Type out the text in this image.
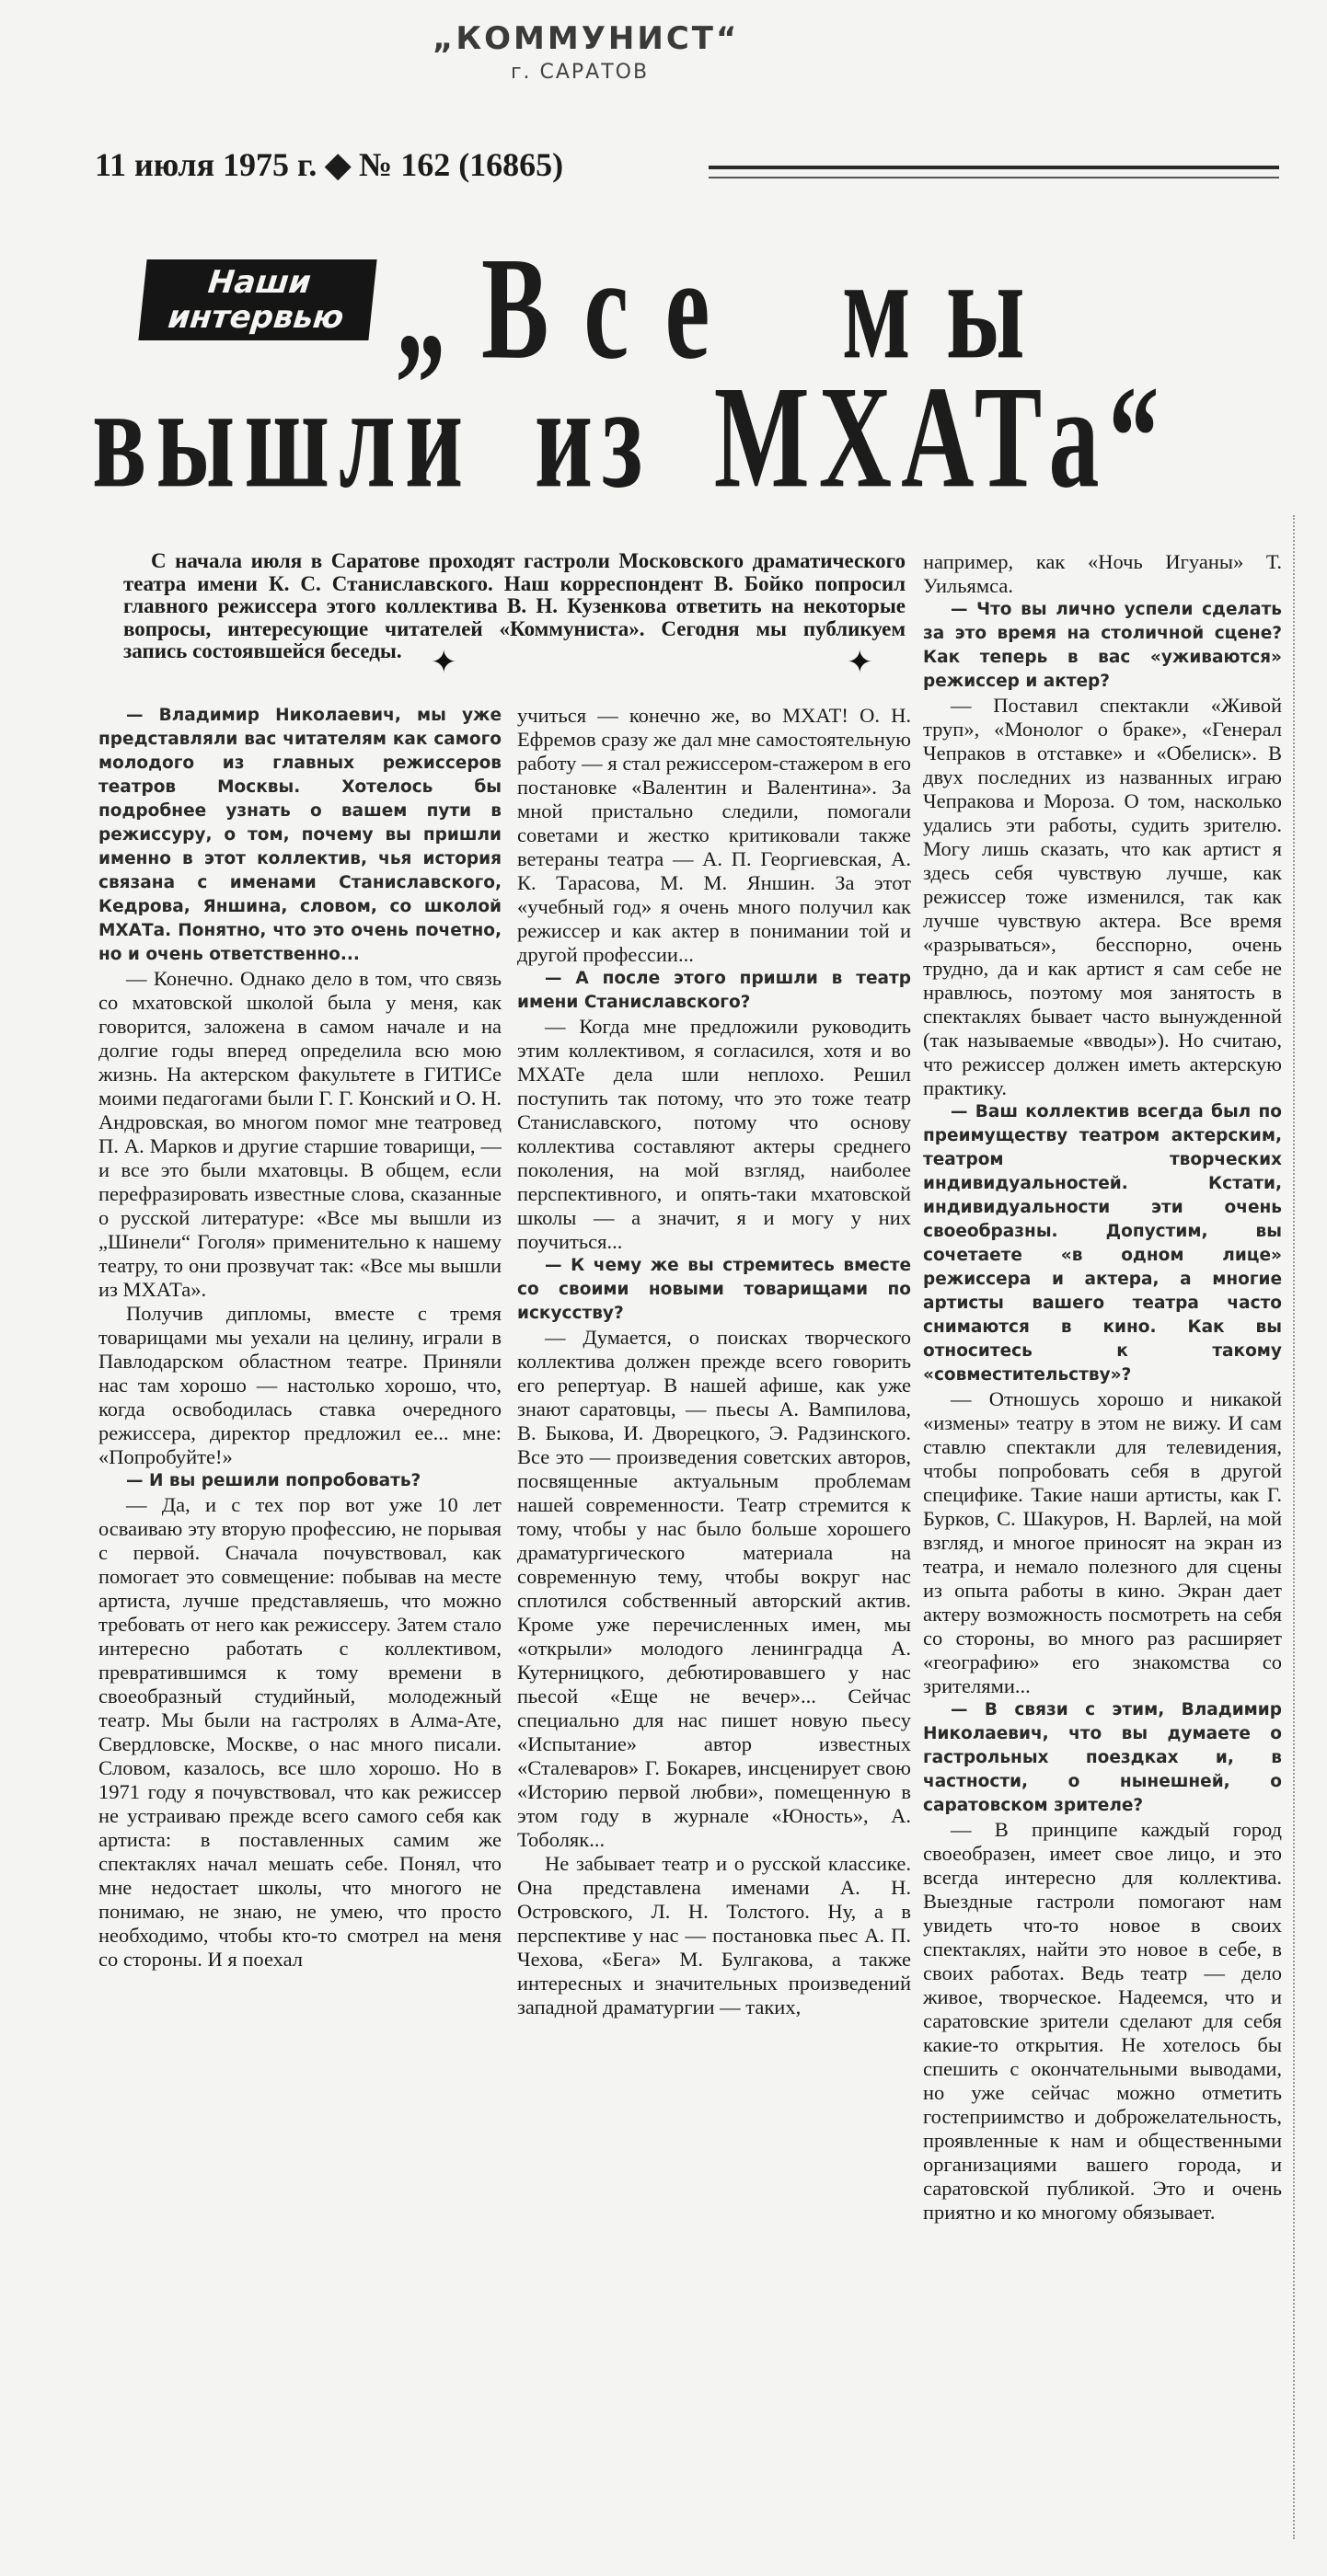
„КОММУНИСТ“
г. САРАТОВ
11 июля 1975 г. ◆ № 162 (16865)
Наши
интервью „Все мы
вышли из МХАТа“
С начала июля в Саратове проходят гастроли Московского драматического театра имени К. С. Станиславского. Наш корреспондент В. Бойко попросил главного режиссера этого коллектива В. Н. Кузенкова ответить на некоторые вопросы, интересующие читателей «Коммуниста». Сегодня мы публикуем запись состоявшейся беседы. ✦	✦

— Владимир Николаевич, мы уже представляли вас читателям как самого молодого из главных режиссеров театров Москвы. Хотелось бы подробнее узнать о вашем пути в режиссуру, о том, почему вы пришли именно в этот коллектив, чья история связана с именами Станиславского, Кедрова, Яншина, словом, со школой МХАТа. Понятно, что это очень почетно, но и очень ответственно...

— Конечно. Однако дело в том, что связь со мхатовской школой была у меня, как говорится, заложена в самом начале и на долгие годы вперед определила всю мою жизнь. На актерском факультете в ГИТИСе моими педагогами были Г. Г. Конский и О. Н. Андровская, во многом помог мне театровед П. А. Марков и другие старшие товарищи, — и все это были мхатовцы. В общем, если перефразировать известные слова, сказанные о русской литературе: «Все мы вышли из „Шинели“ Гоголя» применительно к нашему театру, то они прозвучат так: «Все мы вышли из МХАТа».

Получив дипломы, вместе с тремя товарищами мы уехали на целину, играли в Павлодарском областном театре. Приняли нас там хорошо — настолько хорошо, что, когда освободилась ставка очередного режиссера, директор предложил ее... мне: «Попробуйте!»

— И вы решили попробовать?

— Да, и с тех пор вот уже 10 лет осваиваю эту вторую профессию, не порывая с первой. Сначала почувствовал, как помогает это совмещение: побывав на месте артиста, лучше представляешь, что можно требовать от него как режиссеру. Затем стало интересно работать с коллективом, превратившимся к тому времени в своеобразный студийный, молодежный театр. Мы были на гастролях в Алма-Ате, Свердловске, Москве, о нас много писали. Словом, казалось, все шло хорошо. Но в 1971 году я почувствовал, что как режиссер не устраиваю прежде всего самого себя как артиста: в поставленных самим же спектаклях начал мешать себе. Понял, что мне недостает школы, что многого не понимаю, не знаю, не умею, что просто необходимо, чтобы кто-то смотрел на меня со стороны. И я поехал

учиться — конечно же, во МХАТ! О. Н. Ефремов сразу же дал мне самостоятельную работу — я стал режиссером-стажером в его постановке «Валентин и Валентина». За мной пристально следили, помогали советами и жестко критиковали также ветераны театра — А. П. Георгиевская, А. К. Тарасова, М. М. Яншин. За этот «учебный год» я очень много получил как режиссер и как актер в понимании той и другой профессии...

— А после этого пришли в театр имени Станиславского?

— Когда мне предложили руководить этим коллективом, я согласился, хотя и во МХАТе дела шли неплохо. Решил поступить так потому, что это тоже театр Станиславского, потому что основу коллектива составляют актеры среднего поколения, на мой взгляд, наиболее перспективного, и опять-таки мхатовской школы — а значит, я и могу у них поучиться...

— К чему же вы стремитесь вместе со своими новыми товарищами по искусству?

— Думается, о поисках творческого коллектива должен прежде всего говорить его репертуар. В нашей афише, как уже знают саратовцы, — пьесы А. Вампилова, В. Быкова, И. Дворецкого, Э. Радзинского. Все это — произведения советских авторов, посвященные актуальным проблемам нашей современности. Театр стремится к тому, чтобы у нас было больше хорошего драматургического материала на современную тему, чтобы вокруг нас сплотился собственный авторский актив. Кроме уже перечисленных имен, мы «открыли» молодого ленинградца А. Кутерницкого, дебютировавшего у нас пьесой «Еще не вечер»... Сейчас специально для нас пишет новую пьесу «Испытание» автор известных «Сталеваров» Г. Бокарев, инсценирует свою «Историю первой любви», помещенную в этом году в журнале «Юность», А. Тоболяк...

Не забывает театр и о русской классике. Она представлена именами А. Н. Островского, Л. Н. Толстого. Ну, а в перспективе у нас — постановка пьес А. П. Чехова, «Бега» М. Булгакова, а также интересных и значительных произведений западной драматургии — таких,

например, как «Ночь Игуаны» Т. Уильямса.

— Что вы лично успели сделать за это время на столичной сцене? Как теперь в вас «уживаются» режиссер и актер?

— Поставил спектакли «Живой труп», «Монолог о браке», «Генерал Чепраков в отставке» и «Обелиск». В двух последних из названных играю Чепракова и Мороза. О том, насколько удались эти работы, судить зрителю. Могу лишь сказать, что как артист я здесь себя чувствую лучше, как режиссер тоже изменился, так как лучше чувствую актера. Все время «разрываться», бесспорно, очень трудно, да и как артист я сам себе не нравлюсь, поэтому моя занятость в спектаклях бывает часто вынужденной (так называемые «вводы»). Но считаю, что режиссер должен иметь актерскую практику.

— Ваш коллектив всегда был по преимуществу театром актерским, театром творческих индивидуальностей. Кстати, индивидуальности эти очень своеобразны. Допустим, вы сочетаете «в одном лице» режиссера и актера, а многие артисты вашего театра часто снимаются в кино. Как вы относитесь к такому «совместительству»?

— Отношусь хорошо и никакой «измены» театру в этом не вижу. И сам ставлю спектакли для телевидения, чтобы попробовать себя в другой специфике. Такие наши артисты, как Г. Бурков, С. Шакуров, Н. Варлей, на мой взгляд, и многое приносят на экран из театра, и немало полезного для сцены из опыта работы в кино. Экран дает актеру возможность посмотреть на себя со стороны, во много раз расширяет «географию» его знакомства со зрителями...

— В связи с этим, Владимир Николаевич, что вы думаете о гастрольных поездках и, в частности, о нынешней, о саратовском зрителе?

— В принципе каждый город своеобразен, имеет свое лицо, и это всегда интересно для коллектива. Выездные гастроли помогают нам увидеть что-то новое в своих спектаклях, найти это новое в себе, в своих работах. Ведь театр — дело живое, творческое. Надеемся, что и саратовские зрители сделают для себя какие-то открытия. Не хотелось бы спешить с окончательными выводами, но уже сейчас можно отметить гостеприимство и доброжелательность, проявленные к нам и общественными организациями вашего города, и саратовской публикой. Это и очень приятно и ко многому обязывает.
